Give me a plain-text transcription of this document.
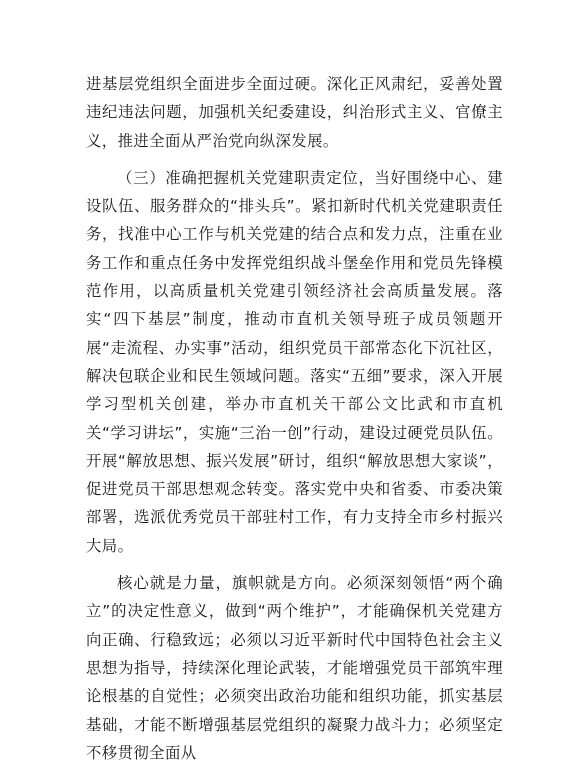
进基层党组织全面进步全面过硬。深化正风肃纪，妥善处置违纪违法问题，加强机关纪委建设，纠治形式主义、官僚主义，推进全面从严治党向纵深发展。

（三）准确把握机关党建职责定位，当好围绕中心、建设队伍、服务群众的“排头兵”。紧扣新时代机关党建职责任务，找准中心工作与机关党建的结合点和发力点，注重在业务工作和重点任务中发挥党组织战斗堡垒作用和党员先锋模范作用，以高质量机关党建引领经济社会高质量发展。落实“四下基层”制度，推动市直机关领导班子成员领题开展“走流程、办实事”活动，组织党员干部常态化下沉社区，解决包联企业和民生领域问题。落实“五细”要求，深入开展学习型机关创建，举办市直机关干部公文比武和市直机关“学习讲坛”，实施“三治一创”行动，建设过硬党员队伍。开展“解放思想、振兴发展”研讨，组织“解放思想大家谈”，促进党员干部思想观念转变。落实党中央和省委、市委决策部署，选派优秀党员干部驻村工作，有力支持全市乡村振兴大局。

核心就是力量，旗帜就是方向。必须深刻领悟“两个确立”的决定性意义，做到“两个维护”，才能确保机关党建方向正确、行稳致远；必须以习近平新时代中国特色社会主义思想为指导，持续深化理论武装，才能增强党员干部筑牢理论根基的自觉性；必须突出政治功能和组织功能，抓实基层基础，才能不断增强基层党组织的凝聚力战斗力；必须坚定不移贯彻全面从
